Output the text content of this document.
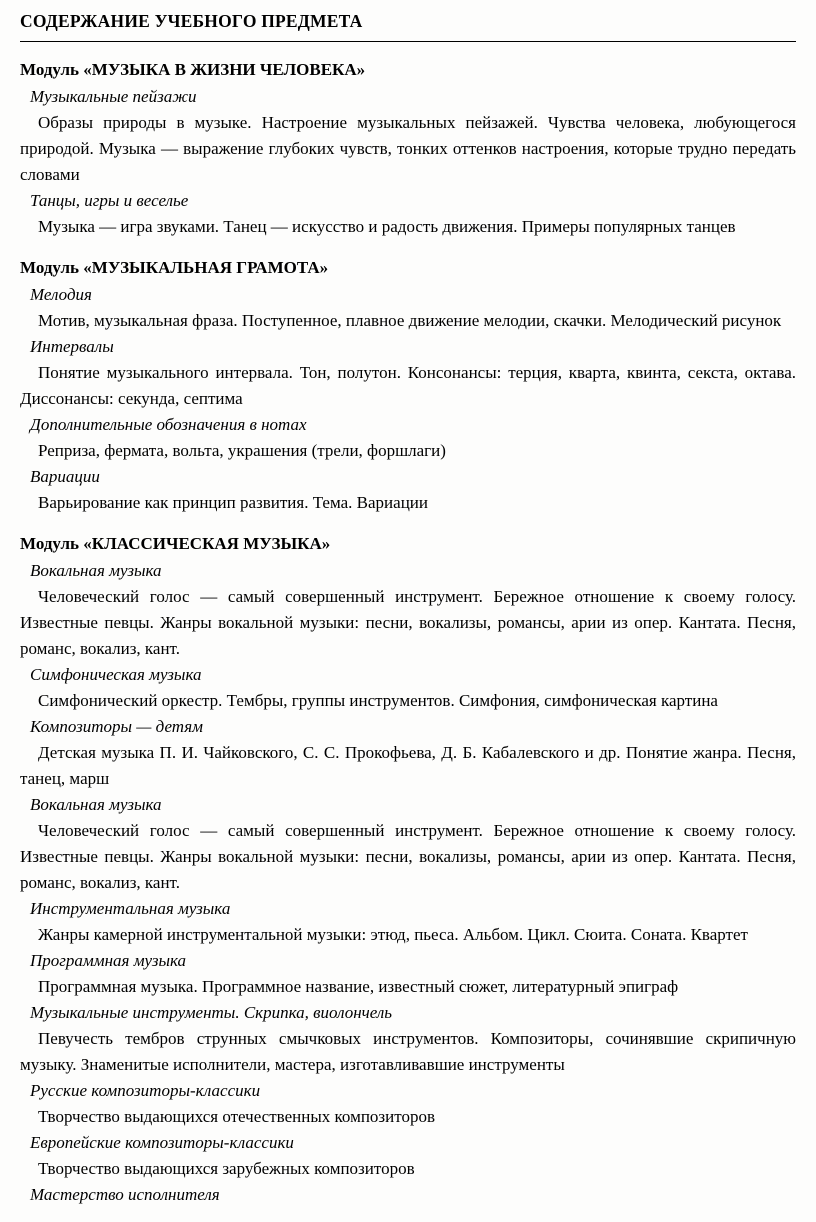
СОДЕРЖАНИЕ УЧЕБНОГО ПРЕДМЕТА

Модуль «МУЗЫКА В ЖИЗНИ ЧЕЛОВЕКА»

Музыкальные пейзажи

Образы природы в музыке. Настроение музыкальных пейзажей. Чувства человека, любующегося природой. Музыка — выражение глубоких чувств, тонких оттенков настроения, которые трудно передать словами

Танцы, игры и веселье

Музыка — игра звуками. Танец — искусство и радость движения. Примеры популярных танцев

Модуль «МУЗЫКАЛЬНАЯ ГРАМОТА»

Мелодия

Мотив, музыкальная фраза. Поступенное, плавное движение мелодии, скачки. Мелодический рисунок

Интервалы

Понятие музыкального интервала. Тон, полутон. Консонансы: терция, кварта, квинта, секста, октава. Диссонансы: секунда, септима

Дополнительные обозначения в нотах

Реприза, фермата, вольта, украшения (трели, форшлаги)

Вариации

Варьирование как принцип развития. Тема. Вариации

Модуль «КЛАССИЧЕСКАЯ МУЗЫКА»

Вокальная музыка

Человеческий голос — самый совершенный инструмент. Бережное отношение к своему голосу. Известные певцы. Жанры вокальной музыки: песни, вокализы, романсы, арии из опер. Кантата. Песня, романс, вокализ, кант.

Симфоническая музыка

Симфонический оркестр. Тембры, группы инструментов. Симфония, симфоническая картина

Композиторы — детям

Детская музыка П. И. Чайковского, С. С. Прокофьева, Д. Б. Кабалевского и др. Понятие жанра. Песня, танец, марш

Вокальная музыка

Человеческий голос — самый совершенный инструмент. Бережное отношение к своему голосу. Известные певцы. Жанры вокальной музыки: песни, вокализы, романсы, арии из опер. Кантата. Песня, романс, вокализ, кант.

Инструментальная музыка

Жанры камерной инструментальной музыки: этюд, пьеса. Альбом. Цикл. Сюита. Соната. Квартет

Программная музыка

Программная музыка. Программное название, известный сюжет, литературный эпиграф

Музыкальные инструменты. Скрипка, виолончель

Певучесть тембров струнных смычковых инструментов. Композиторы, сочинявшие скрипичную музыку. Знаменитые исполнители, мастера, изготавливавшие инструменты

Русские композиторы-классики

Творчество выдающихся отечественных композиторов

Европейские композиторы-классики

Творчество выдающихся зарубежных композиторов

Мастерство исполнителя
